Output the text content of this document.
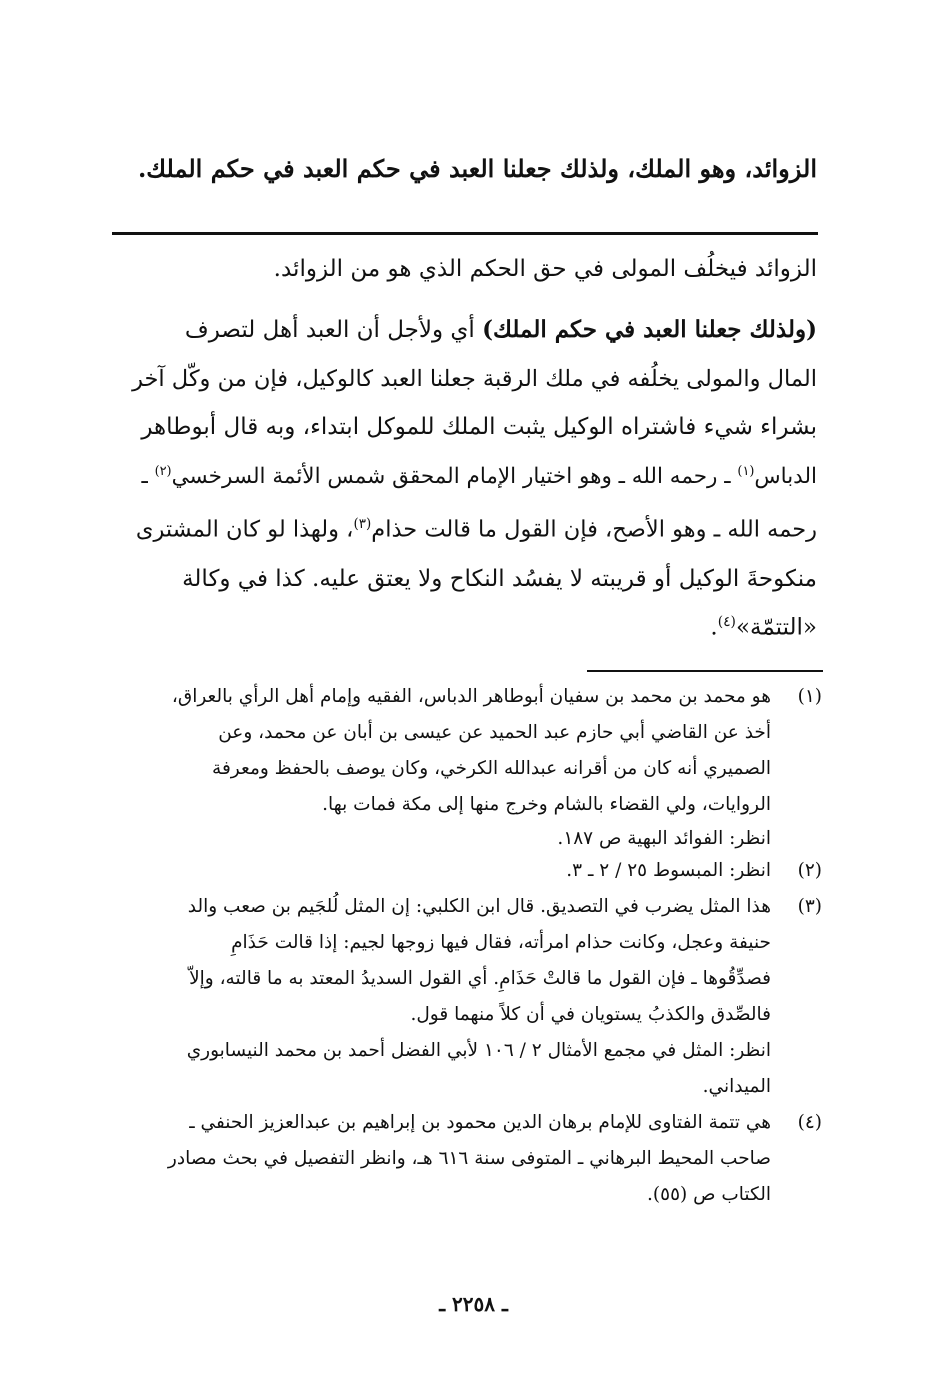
الزوائد، وهو الملك، ولذلك جعلنا العبد في حكم العبد في حكم الملك.
الزوائد فيخلُف المولى في حق الحكم الذي هو من الزوائد.
(ولذلك جعلنا العبد في حكم الملك) أي ولأجل أن العبد أهل لتصرف
المال والمولى يخلُفه في ملك الرقبة جعلنا العبد كالوكيل، فإن من وكّل آخر
بشراء شيء فاشتراه الوكيل يثبت الملك للموكل ابتداء، وبه قال أبوطاهر
الدباس$^{(١)}$ ـ رحمه الله ـ وهو اختيار الإمام المحقق شمس الأئمة السرخسي$^{(٢)}$ ـ
رحمه الله ـ وهو الأصح، فإن القول ما قالت حذام$^{(٣)}$، ولهذا لو كان المشترى
منكوحةَ الوكيل أو قريبته لا يفسُد النكاح ولا يعتق عليه. كذا في وكالة
«التتمّة»$^{(٤)}$.
(١)
هو محمد بن محمد بن سفيان أبوطاهر الدباس، الفقيه وإمام أهل الرأي بالعراق،
أخذ عن القاضي أبي حازم عبد الحميد عن عيسى بن أبان عن محمد، وعن
الصميري أنه كان من أقرانه عبدالله الكرخي، وكان يوصف بالحفظ ومعرفة
الروايات، ولي القضاء بالشام وخرج منها إلى مكة فمات بها.
انظر: الفوائد البهية ص ١٨٧.
(٢)
انظر: المبسوط ٢٥ / ٢ ـ ٣.
(٣)
هذا المثل يضرب في التصديق. قال ابن الكلبي: إن المثل لُلجَيم بن صعب والد
حنيفة وعجل، وكانت حذام امرأته، فقال فيها زوجها لجيم: إذا قالت حَذَامِ
فصدِّقُوها ـ فإن القول ما قالتْ حَذَامِ. أي القول السديدُ المعتد به ما قالته، وإلاّ
فالصِّدق والكذبُ يستويان في أن كلاً منهما قول.
انظر: المثل في مجمع الأمثال ٢ / ١٠٦ لأبي الفضل أحمد بن محمد النيسابوري
الميداني.
(٤)
هي تتمة الفتاوى للإمام برهان الدين محمود بن إبراهيم بن عبدالعزيز الحنفي ـ
صاحب المحيط البرهاني ـ المتوفى سنة ٦١٦ هـ، وانظر التفصيل في بحث مصادر
الكتاب ص (٥٥).
ـ ٢٢٥٨ ـ
